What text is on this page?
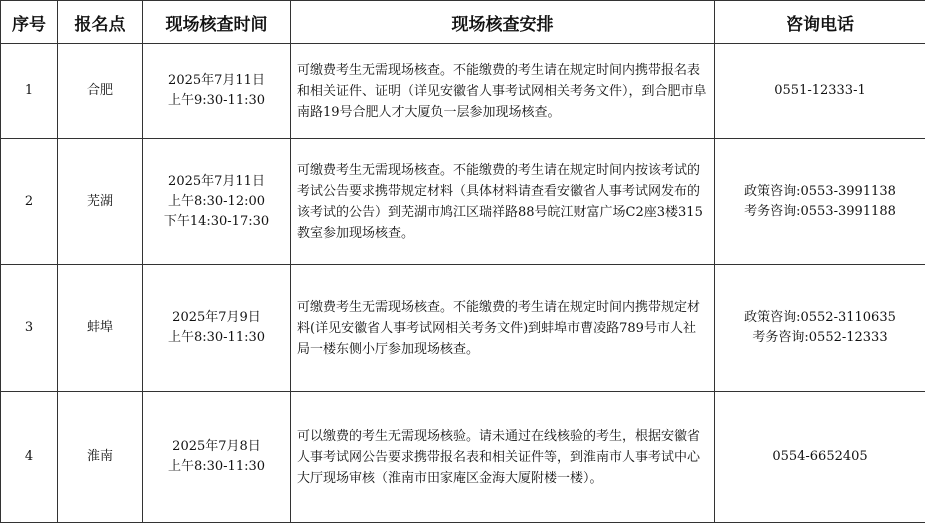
序号	报名点	现场核查时间	现场核查安排	咨询电话
1	合肥	2025年7月11日
上午9:30-11:30	可缴费考生无需现场核查。不能缴费的考生请在规定时间内携带报名表和相关证件、证明（详见安徽省人事考试网相关考务文件），到合肥市阜南路19号合肥人才大厦负一层参加现场核查。	0551-12333-1

2	芜湖	2025年7月11日
上午8:30-12:00
下午14:30-17:30	可缴费考生无需现场核查。不能缴费的考生请在规定时间内按该考试的考试公告要求携带规定材料（具体材料请查看安徽省人事考试网发布的该考试的公告）到芜湖市鸠江区瑞祥路88号皖江财富广场C2座3楼315教室参加现场核查。	政策咨询:0553-3991138
考务咨询:0553-3991188

3	蚌埠	2025年7月9日
上午8:30-11:30	可缴费考生无需现场核查。不能缴费的考生请在规定时间内携带规定材料(详见安徽省人事考试网相关考务文件)到蚌埠市曹凌路789号市人社局一楼东侧小厅参加现场核查。	政策咨询:0552-3110635
考务咨询:0552-12333

4	淮南	2025年7月8日
上午8:30-11:30	可以缴费的考生无需现场核验。请未通过在线核验的考生，根据安徽省人事考试网公告要求携带报名表和相关证件等，到淮南市人事考试中心大厅现场审核（淮南市田家庵区金海大厦附楼一楼）。	0554-6652405
